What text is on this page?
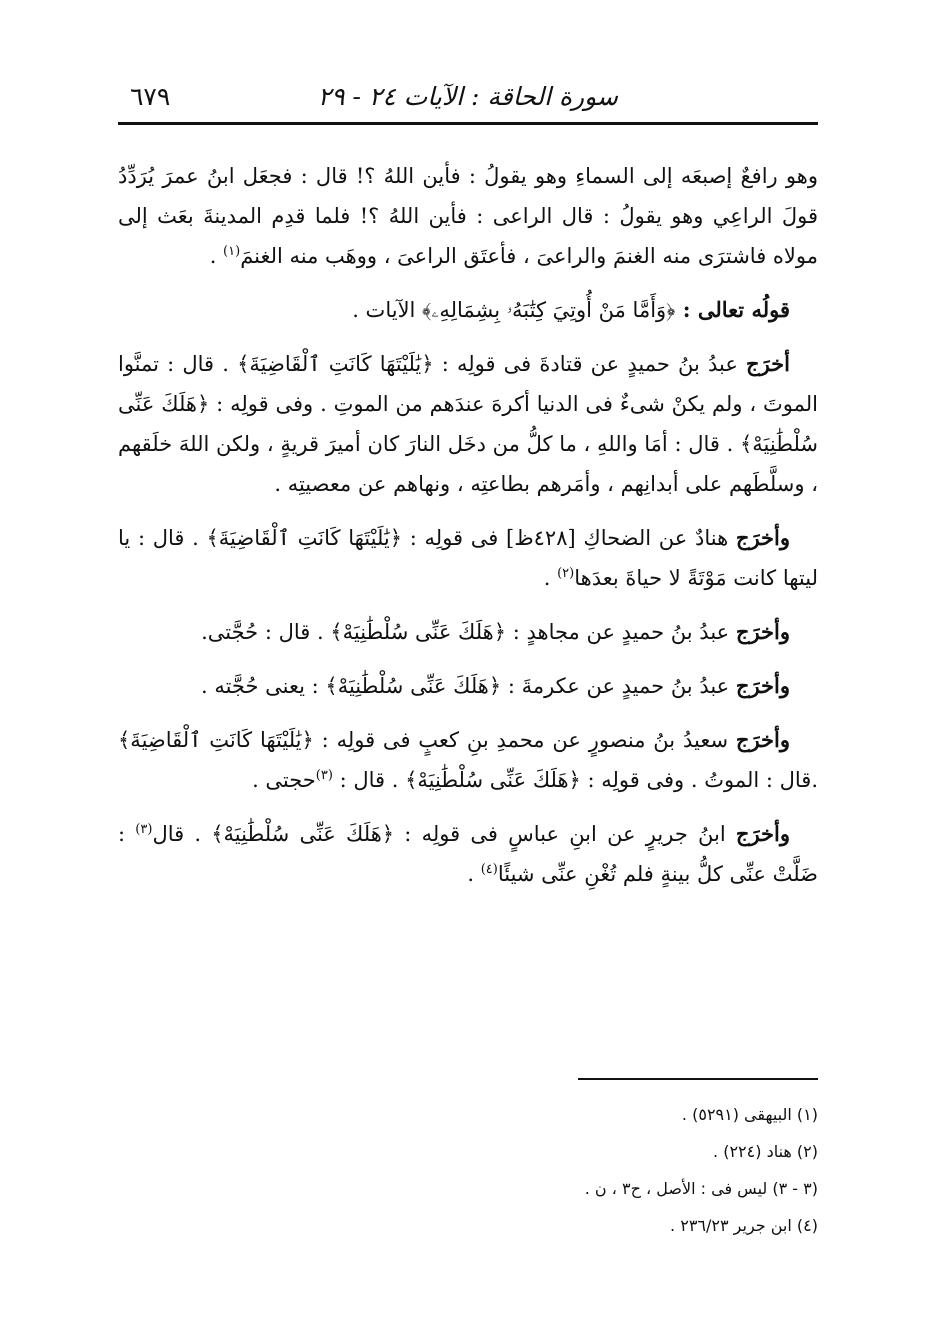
سورة الحاقة : الآيات ٢٤ - ٢٩
٦٧٩

وهو رافعٌ إصبعَه إلى السماءِ وهو يقولُ : فأين اللهُ ؟! قال : فجعَل ابنُ عمرَ يُرَدِّدُ قولَ الراعِي وهو يقولُ : قال الراعى : فأين اللهُ ؟! فلما قدِم المدينةَ بعَث إلى مولاه فاشترَى منه الغنمَ والراعىَ ، فأعتَق الراعىَ ، ووهَب منه الغنمَ$^{(١)}$ .

قولُه تعالى : ﴿وَأَمَّا مَنْ أُوتِيَ كِتَٰبَهُۥ بِشِمَالِهِۦ﴾ الآيات .

أخرَج عبدُ بنُ حميدٍ عن قتادةَ فى قولِه : ﴿يَٰلَيْتَهَا كَانَتِ ٱلْقَاضِيَةَ﴾ . قال : تمنَّوا الموتَ ، ولم يكنْ شىءٌ فى الدنيا أكرهَ عندَهم من الموتِ . وفى قولِه : ﴿هَلَكَ عَنِّى سُلْطَٰنِيَهْ﴾ . قال : أمَا واللهِ ، ما كلُّ من دخَل النارَ كان أميرَ قريةٍ ، ولكن اللهَ خلَقهم ، وسلَّطَهم على أبدانِهم ، وأمَرهم بطاعتِه ، ونهاهم عن معصيتِه .

وأخرَج هنادٌ عن الضحاكِ [٤٢٨ظ] فى قولِه : ﴿يَٰلَيْتَهَا كَانَتِ ٱلْقَاضِيَةَ﴾ . قال : يا ليتها كانت مَوْتَةً لا حياةَ بعدَها$^{(٢)}$ .

وأخرَج عبدُ بنُ حميدٍ عن مجاهدٍ : ﴿هَلَكَ عَنِّى سُلْطَٰنِيَهْ﴾ . قال : حُجَّتى.

وأخرَج عبدُ بنُ حميدٍ عن عكرمةَ : ﴿هَلَكَ عَنِّى سُلْطَٰنِيَهْ﴾ : يعنى حُجَّته .

وأخرَج سعيدُ بنُ منصورٍ عن محمدِ بنِ كعبٍ فى قولِه : ﴿يَٰلَيْتَهَا كَانَتِ ٱلْقَاضِيَةَ﴾ .قال : الموتُ . وفى قولِه : ﴿هَلَكَ عَنِّى سُلْطَٰنِيَهْ﴾ . قال : $^{(٣)}$حجتى .

وأخرَج ابنُ جريرٍ عن ابنِ عباسٍ فى قولِه : ﴿هَلَكَ عَنِّى سُلْطَٰنِيَهْ﴾ . قال$^{(٣)}$ : ضَلَّتْ عنِّى كلُّ بينةٍ فلم تُغْنِ عنِّى شيئًا$^{(٤)}$ .

(١) البيهقى (٥٢٩١) .
(٢) هناد (٢٢٤) .
(٣ - ٣) ليس فى : الأصل ، ح٣ ، ن .
(٤) ابن جرير ٢٣٦/٢٣ .
